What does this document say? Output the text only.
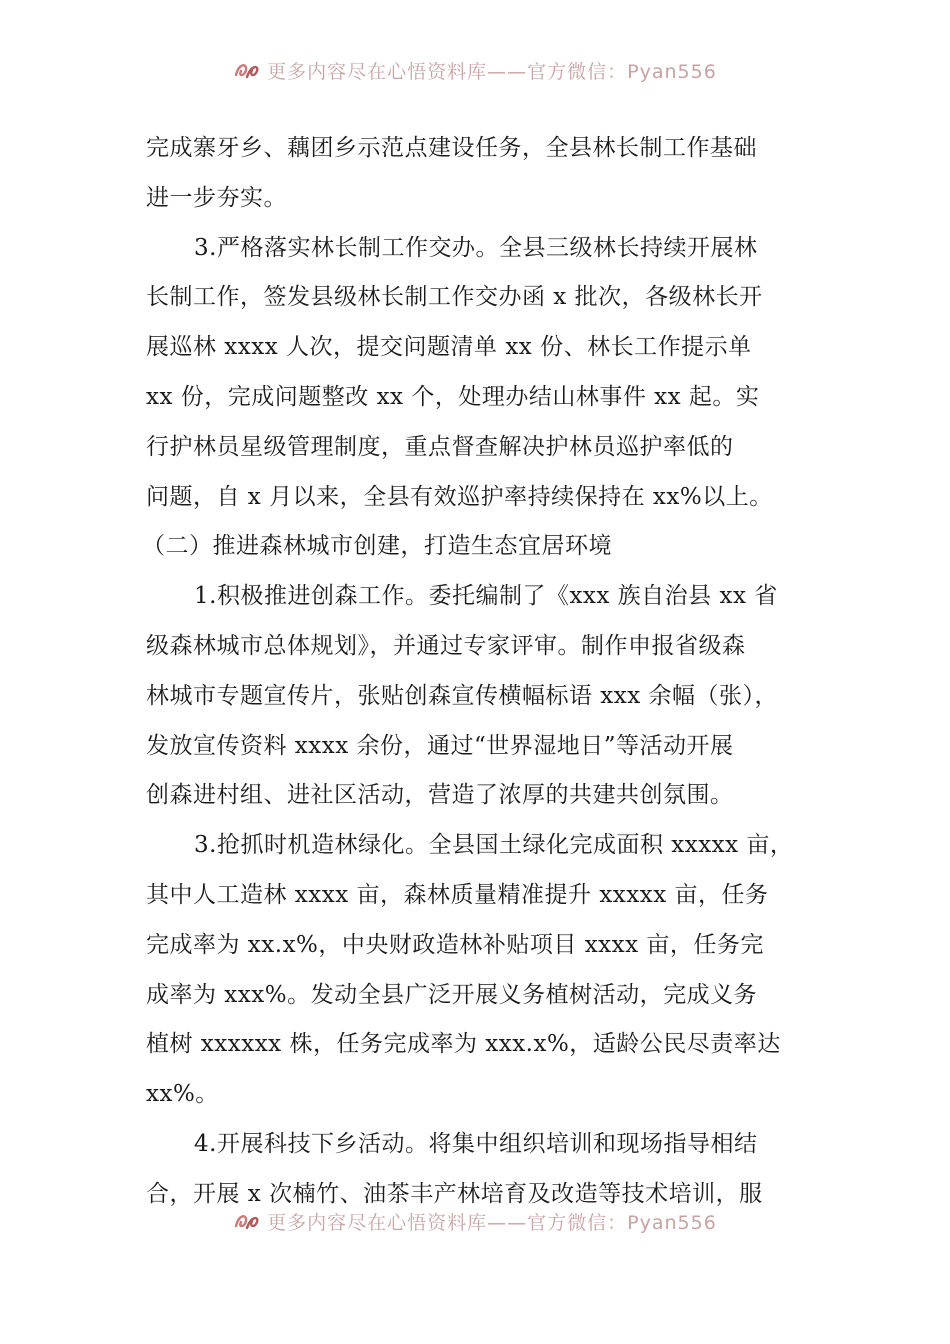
更多内容尽在心悟资料库——官方微信：Pyan556
完成寨牙乡、藕团乡示范点建设任务，全县林长制工作基础
进一步夯实。
3.严格落实林长制工作交办。全县三级林长持续开展林
长制工作，签发县级林长制工作交办函 x 批次，各级林长开
展巡林 xxxx 人次，提交问题清单 xx 份、林长工作提示单
xx 份，完成问题整改 xx 个，处理办结山林事件 xx 起。实
行护林员星级管理制度，重点督查解决护林员巡护率低的
问题，自 x 月以来，全县有效巡护率持续保持在 xx%以上。
（二）推进森林城市创建，打造生态宜居环境
1.积极推进创森工作。委托编制了《xxx 族自治县 xx 省
级森林城市总体规划》，并通过专家评审。制作申报省级森
林城市专题宣传片，张贴创森宣传横幅标语 xxx 余幅（张），
发放宣传资料 xxxx 余份，通过“世界湿地日”等活动开展
创森进村组、进社区活动，营造了浓厚的共建共创氛围。
3.抢抓时机造林绿化。全县国土绿化完成面积 xxxxx 亩，
其中人工造林 xxxx 亩，森林质量精准提升 xxxxx 亩，任务
完成率为 xx.x%，中央财政造林补贴项目 xxxx 亩，任务完
成率为 xxx%。发动全县广泛开展义务植树活动，完成义务
植树 xxxxxx 株，任务完成率为 xxx.x%，适龄公民尽责率达
xx%。
4.开展科技下乡活动。将集中组织培训和现场指导相结
合，开展 x 次楠竹、油茶丰产林培育及改造等技术培训，服
更多内容尽在心悟资料库——官方微信：Pyan556
